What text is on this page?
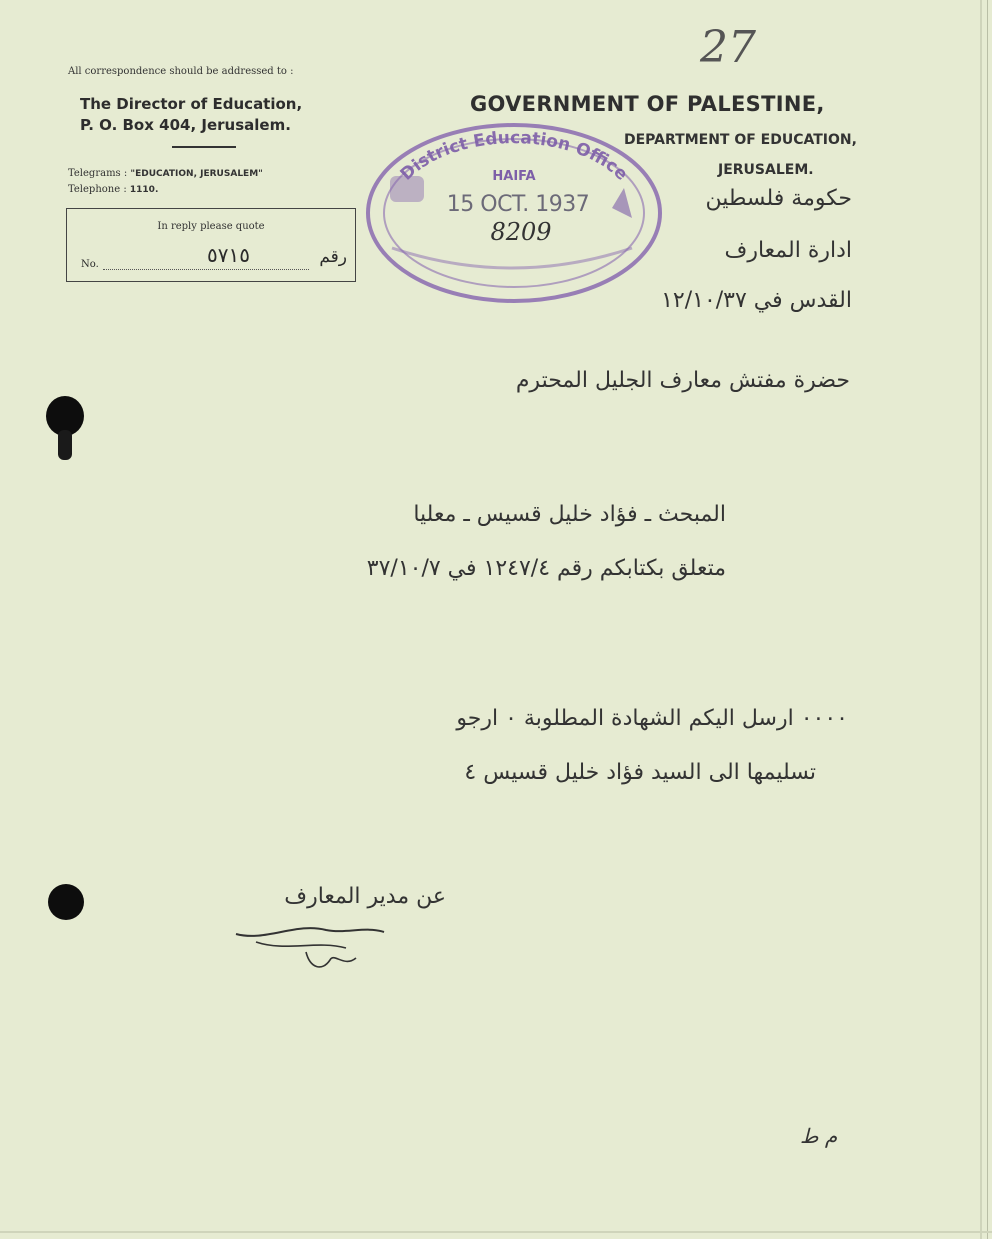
27
All correspondence should be addressed to :
The Director of Education,
P. O. Box 404, Jerusalem.
Telegrams : "EDUCATION, JERUSALEM"
Telephone : 1110.
In reply please quote
No.	٥٧١٥	رقم
GOVERNMENT OF PALESTINE,
DEPARTMENT OF EDUCATION,
JERUSALEM.
حكومة فلسطين
ادارة المعارف
القدس في ١٢/١٠/٣٧
District Education Office
HAIFA
15 OCT. 1937
8209
حضرة مفتش معارف الجليل المحترم
المبحث ـ فؤاد خليل قسيس ـ معليا
متعلق بكتابكم رقم ١٢٤٧/٤ في ٣٧/١٠/٧
٠٠٠٠ ارسل اليكم الشهادة المطلوبة ٠ ارجو
تسليمها الى السيد فؤاد خليل قسيس ٤
عن مدير المعارف
م ط
